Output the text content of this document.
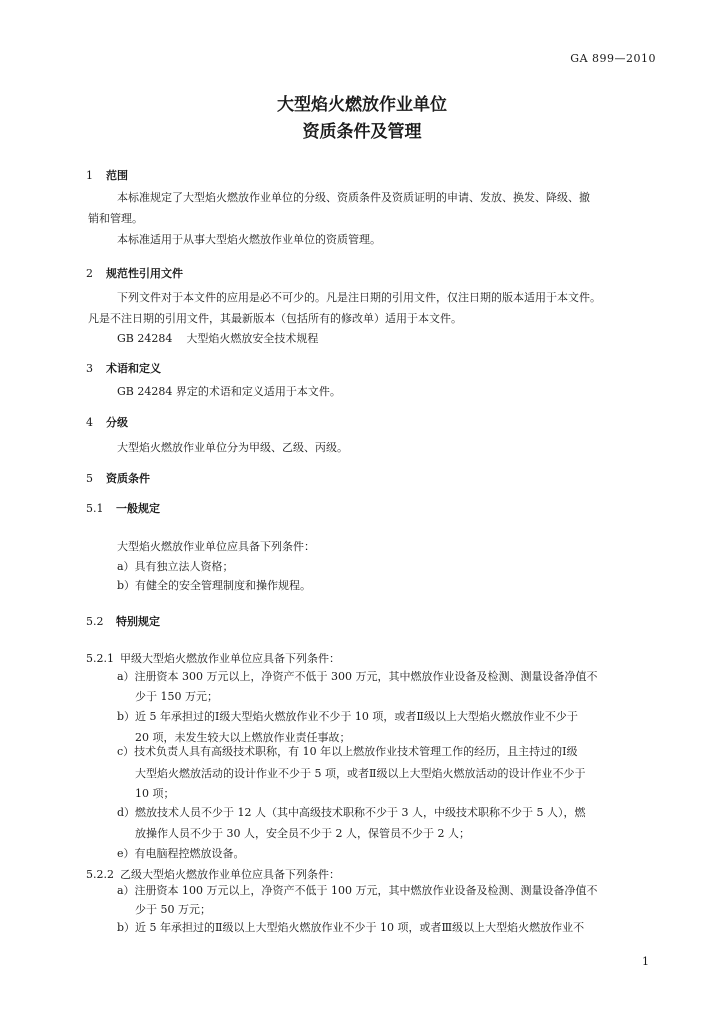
GA 899—2010
大型焰火燃放作业单位
资质条件及管理
1 范围
本标准规定了大型焰火燃放作业单位的分级、资质条件及资质证明的申请、发放、换发、降级、撤
销和管理。
本标准适用于从事大型焰火燃放作业单位的资质管理。
2 规范性引用文件
下列文件对于本文件的应用是必不可少的。凡是注日期的引用文件，仅注日期的版本适用于本文件。
凡是不注日期的引用文件，其最新版本（包括所有的修改单）适用于本文件。
GB 24284    大型焰火燃放安全技术规程
3 术语和定义
GB 24284 界定的术语和定义适用于本文件。
4 分级
大型焰火燃放作业单位分为甲级、乙级、丙级。
5 资质条件
5.1 一般规定
大型焰火燃放作业单位应具备下列条件：
a）具有独立法人资格；
b）有健全的安全管理制度和操作规程。
5.2 特别规定
5.2.1 甲级大型焰火燃放作业单位应具备下列条件：
a）注册资本 300 万元以上，净资产不低于 300 万元，其中燃放作业设备及检测、测量设备净值不
少于 150 万元；
b）近 5 年承担过的Ⅰ级大型焰火燃放作业不少于 10 项，或者Ⅱ级以上大型焰火燃放作业不少于
20 项，未发生较大以上燃放作业责任事故；
c）技术负责人具有高级技术职称，有 10 年以上燃放作业技术管理工作的经历，且主持过的Ⅰ级
大型焰火燃放活动的设计作业不少于 5 项，或者Ⅱ级以上大型焰火燃放活动的设计作业不少于
10 项；
d）燃放技术人员不少于 12 人（其中高级技术职称不少于 3 人，中级技术职称不少于 5 人），燃
放操作人员不少于 30 人，安全员不少于 2 人，保管员不少于 2 人；
e）有电脑程控燃放设备。
5.2.2 乙级大型焰火燃放作业单位应具备下列条件：
a）注册资本 100 万元以上，净资产不低于 100 万元，其中燃放作业设备及检测、测量设备净值不
少于 50 万元；
b）近 5 年承担过的Ⅱ级以上大型焰火燃放作业不少于 10 项，或者Ⅲ级以上大型焰火燃放作业不
1
